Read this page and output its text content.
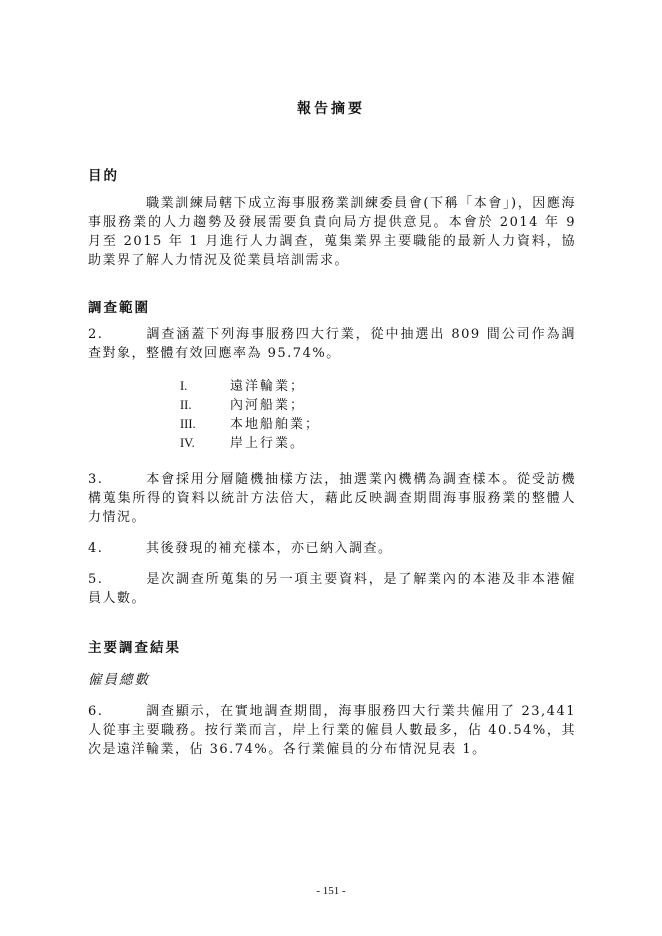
報告摘要
目的
職業訓練局轄下成立海事服務業訓練委員會(下稱「本會」)，因應海事服務業的人力趨勢及發展需要負責向局方提供意見。本會於 2014 年 9 月至 2015 年 1 月進行人力調查，蒐集業界主要職能的最新人力資料，協助業界了解人力情況及從業員培訓需求。
調查範圍
2.	調查涵蓋下列海事服務四大行業，從中抽選出 809 間公司作為調查對象，整體有效回應率為 95.74%。
I.	遠洋輪業；
II.	內河船業；
III.	本地船舶業；
IV.	岸上行業。
3.	本會採用分層隨機抽樣方法，抽選業內機構為調查樣本。從受訪機構蒐集所得的資料以統計方法倍大，藉此反映調查期間海事服務業的整體人力情況。
4.	其後發現的補充樣本，亦已納入調查。
5.	是次調查所蒐集的另一項主要資料，是了解業內的本港及非本港僱員人數。
主要調查結果
僱員總數
6.	調查顯示，在實地調查期間，海事服務四大行業共僱用了 23,441 人從事主要職務。按行業而言，岸上行業的僱員人數最多，佔 40.54%，其次是遠洋輪業，佔 36.74%。各行業僱員的分布情況見表 1。
- 151 -
